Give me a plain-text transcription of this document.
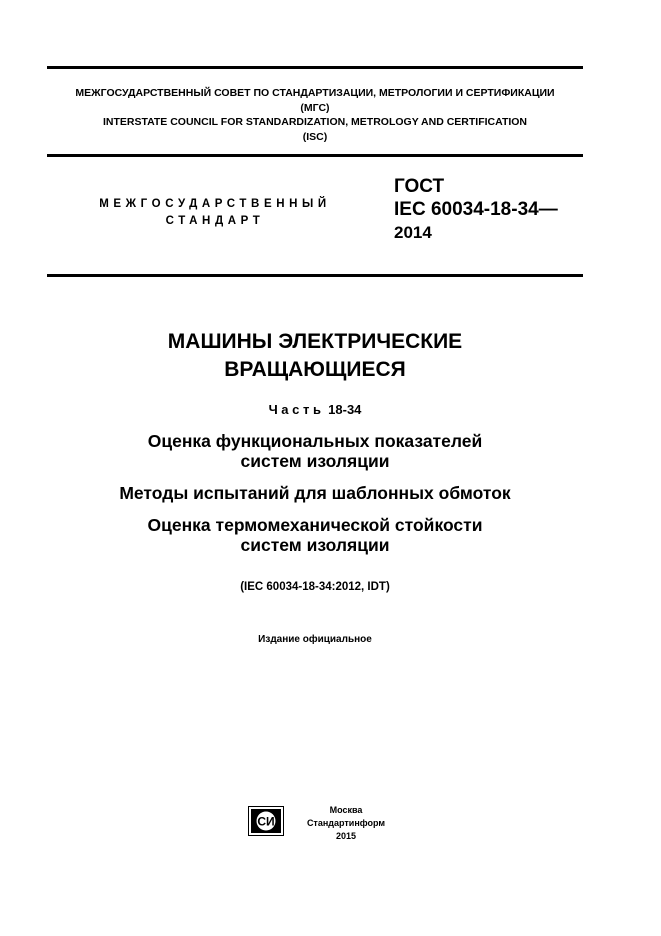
МЕЖГОСУДАРСТВЕННЫЙ СОВЕТ ПО СТАНДАРТИЗАЦИИ, МЕТРОЛОГИИ И СЕРТИФИКАЦИИ
(МГС)
INTERSTATE COUNCIL FOR STANDARDIZATION, METROLOGY AND CERTIFICATION
(ISC)
МЕЖГОСУДАРСТВЕННЫЙ
СТАНДАРТ
ГОСТ
IEC 60034-18-34—
2014
МАШИНЫ ЭЛЕКТРИЧЕСКИЕ
ВРАЩАЮЩИЕСЯ
Часть 18-34
Оценка функциональных показателей
систем изоляции
Методы испытаний для шаблонных обмоток
Оценка термомеханической стойкости
систем изоляции
(IEC 60034-18-34:2012, IDT)
Издание официальное
СИ
Москва
Стандартинформ
2015
